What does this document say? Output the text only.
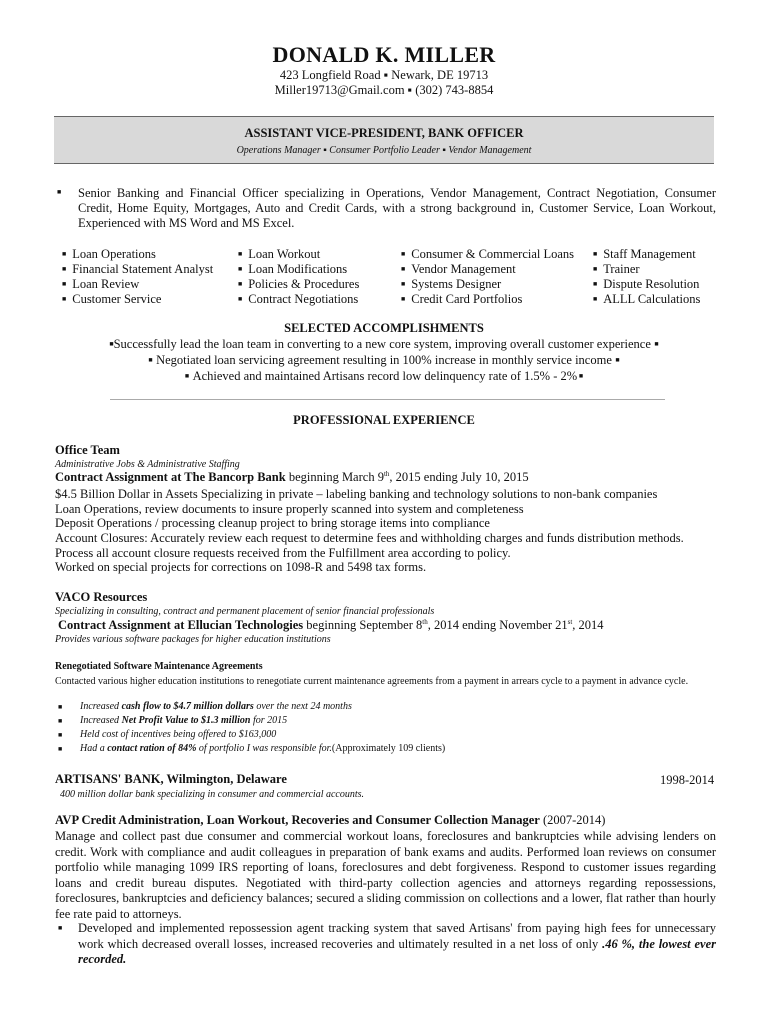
DONALD K. MILLER
423 Longfield Road ▪ Newark, DE 19713
Miller19713@Gmail.com ▪ (302) 743-8854
ASSISTANT VICE-PRESIDENT, BANK OFFICER
Operations Manager ▪ Consumer Portfolio Leader ▪ Vendor Management
■ Senior Banking and Financial Officer specializing in Operations, Vendor Management, Contract Negotiation, Consumer Credit, Home Equity, Mortgages, Auto and Credit Cards, with a strong background in, Customer Service, Loan Workout, Experienced with MS Word and MS Excel.
■ Loan Operations
■ Financial Statement Analyst
■ Loan Review
■ Customer Service
■ Loan Workout
■ Loan Modifications
■ Policies & Procedures
■ Contract Negotiations
■ Consumer & Commercial Loans
■ Vendor Management
■ Systems Designer
■ Credit Card Portfolios
■ Staff Management
■ Trainer
■ Dispute Resolution
■ ALLL Calculations
SELECTED ACCOMPLISHMENTS
■Successfully lead the loan team in converting to a new core system, improving overall customer experience  ■
■  Negotiated loan servicing agreement resulting in 100% increase in monthly service income  ■
■  Achieved and maintained Artisans record low delinquency rate of 1.5% - 2% ■
PROFESSIONAL EXPERIENCE
Office Team
Administrative Jobs & Administrative Staffing
Contract Assignment at The Bancorp Bank beginning March 9th, 2015 ending July 10, 2015
$4.5 Billion Dollar in Assets Specializing in private – labeling banking and technology solutions to non-bank companies
Loan Operations, review documents to insure properly scanned into system and completeness
Deposit Operations / processing cleanup project to bring storage items into compliance
Account Closures: Accurately review each request to determine fees and withholding charges and funds distribution methods.
Process all account closure requests received from the Fulfillment area according to policy.
Worked on special projects for corrections on 1098-R and 5498 tax forms.
VACO Resources
Specializing in consulting, contract and permanent placement of senior financial professionals
Contract Assignment at Ellucian Technologies beginning September 8th, 2014 ending November 21st, 2014
Provides various software packages for higher education institutions
Renegotiated Software Maintenance Agreements
Contacted various higher education institutions to renegotiate current maintenance agreements from a payment in arrears cycle to a payment in advance cycle.
■ Increased cash flow to $4.7 million dollars over the next 24 months
■ Increased Net Profit Value to $1.3 million for 2015
■ Held cost of incentives being offered to $163,000
■ Had a contact ration of 84% of portfolio I was responsible for.(Approximately 109 clients)
ARTISANS' BANK, Wilmington, Delaware	1998-2014
400 million dollar bank specializing in consumer and commercial accounts.
AVP Credit Administration, Loan Workout, Recoveries and Consumer Collection Manager (2007-2014)
Manage and collect past due consumer and commercial workout loans, foreclosures and bankruptcies while advising lenders on credit. Work with compliance and audit colleagues in preparation of bank exams and audits. Performed loan reviews on consumer portfolio while managing 1099 IRS reporting of loans, foreclosures and debt forgiveness. Respond to customer issues regarding loans and credit bureau disputes. Negotiated with third-party collection agencies and attorneys regarding repossessions, foreclosures, bankruptcies and deficiency balances; secured a sliding commission on collections and a lower, flat rather than hourly fee rate paid to attorneys.
■ Developed and implemented repossession agent tracking system that saved Artisans' from paying high fees for unnecessary work which decreased overall losses, increased recoveries and ultimately resulted in a net loss of only .46 %, the lowest ever recorded.
